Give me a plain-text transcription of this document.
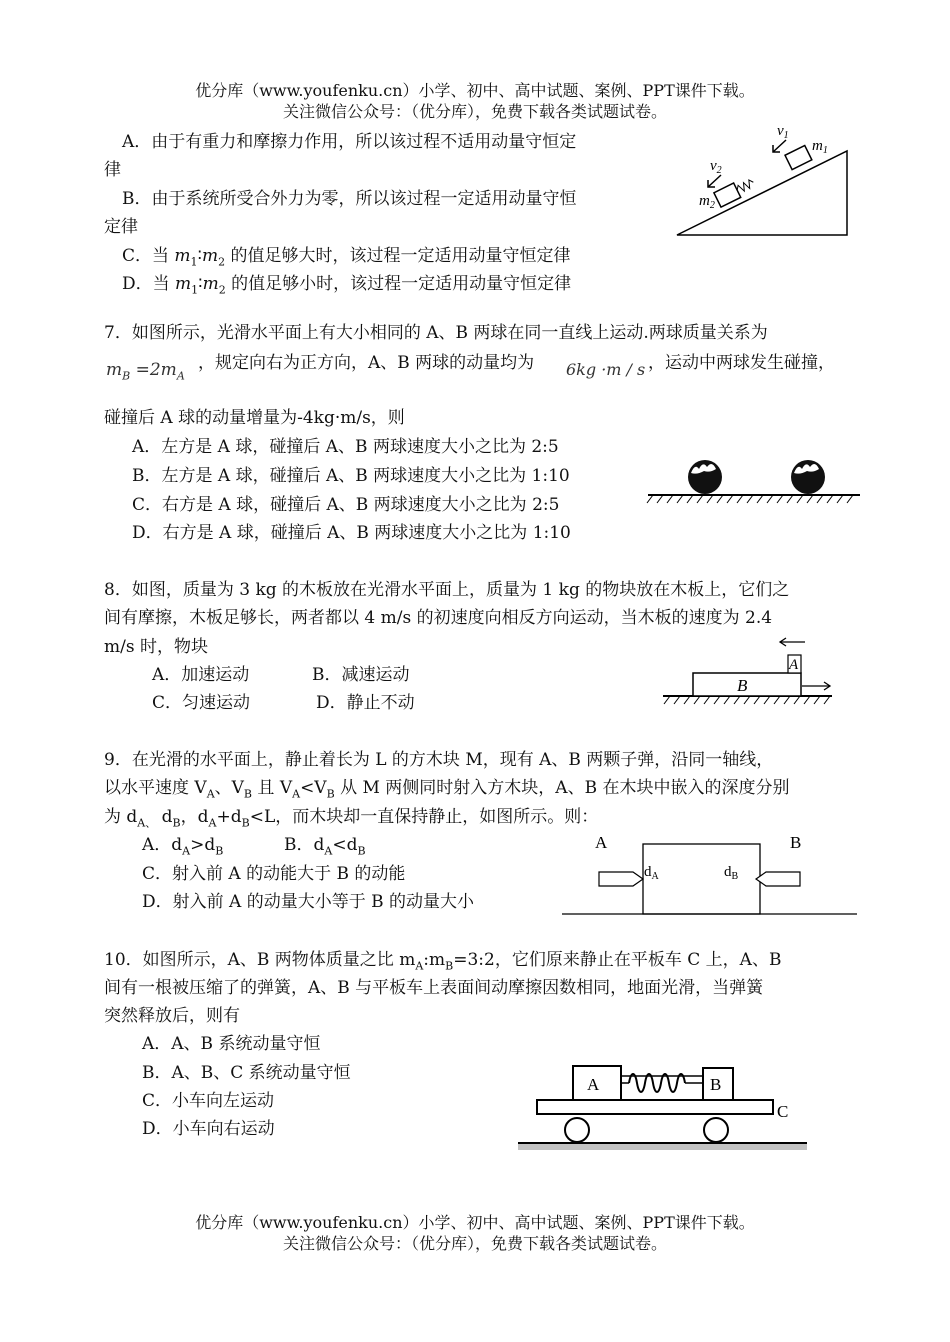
优分库（www.youfenku.cn）小学、初中、高中试题、案例、PPT课件下载。
关注微信公众号：（优分库），免费下载各类试题试卷。
A．由于有重力和摩擦力作用，所以该过程不适用动量守恒定
律
B．由于系统所受合外力为零，所以该过程一定适用动量守恒
定律
C．当 $m_1∶m_2$ 的值足够大时，该过程一定适用动量守恒定律
D．当 $m_1∶m_2$ 的值足够小时，该过程一定适用动量守恒定律
$v_1$
$m_1$
$v_2$
$m_2$
7．如图所示，光滑水平面上有大小相同的 A、B 两球在同一直线上运动.两球质量关系为
$m_B =2m_A$
，规定向右为正方向，A、B 两球的动量均为 6kg ·m / s ，运动中两球发生碰撞，
碰撞后 A 球的动量增量为-4kg·m/s，则
A．左方是 A 球，碰撞后 A、B 两球速度大小之比为 2:5
B．左方是 A 球，碰撞后 A、B 两球速度大小之比为 1:10
C．右方是 A 球，碰撞后 A、B 两球速度大小之比为 2:5
D．右方是 A 球，碰撞后 A、B 两球速度大小之比为 1:10
8．如图，质量为 3 kg 的木板放在光滑水平面上，质量为 1 kg 的物块放在木板上，它们之
间有摩擦，木板足够长，两者都以 4 m/s 的初速度向相反方向运动，当木板的速度为 2.4
m/s 时，物块
A．加速运动	B．减速运动
C．匀速运动	D．静止不动
A
B
9．在光滑的水平面上，静止着长为 L 的方木块 M，现有 A、B 两颗子弹，沿同一轴线，
以水平速度 $V_A$、$V_B$ 且 $V_A<V_B$ 从 M 两侧同时射入方木块，A、B 在木块中嵌入的深度分别
为 $d_{A、}$ $d_B$，$d_A+d_B<L$，而木块却一直保持静止，如图所示。则：
A．$d_A>d_B$	B．$d_A<d_B$
C．射入前 A 的动能大于 B 的动能
D．射入前 A 的动量大小等于 B 的动量大小
A	B
$d_A$	$d_B$
10．如图所示，A、B 两物体质量之比 $m_A:m_B=3:2$，它们原来静止在平板车 C 上，A、B
间有一根被压缩了的弹簧，A、B 与平板车上表面间动摩擦因数相同，地面光滑，当弹簧
突然释放后，则有
A．A、B 系统动量守恒
B．A、B、C 系统动量守恒
C．小车向左运动
D．小车向右运动
A	B
C
优分库（www.youfenku.cn）小学、初中、高中试题、案例、PPT课件下载。
关注微信公众号：（优分库），免费下载各类试题试卷。
